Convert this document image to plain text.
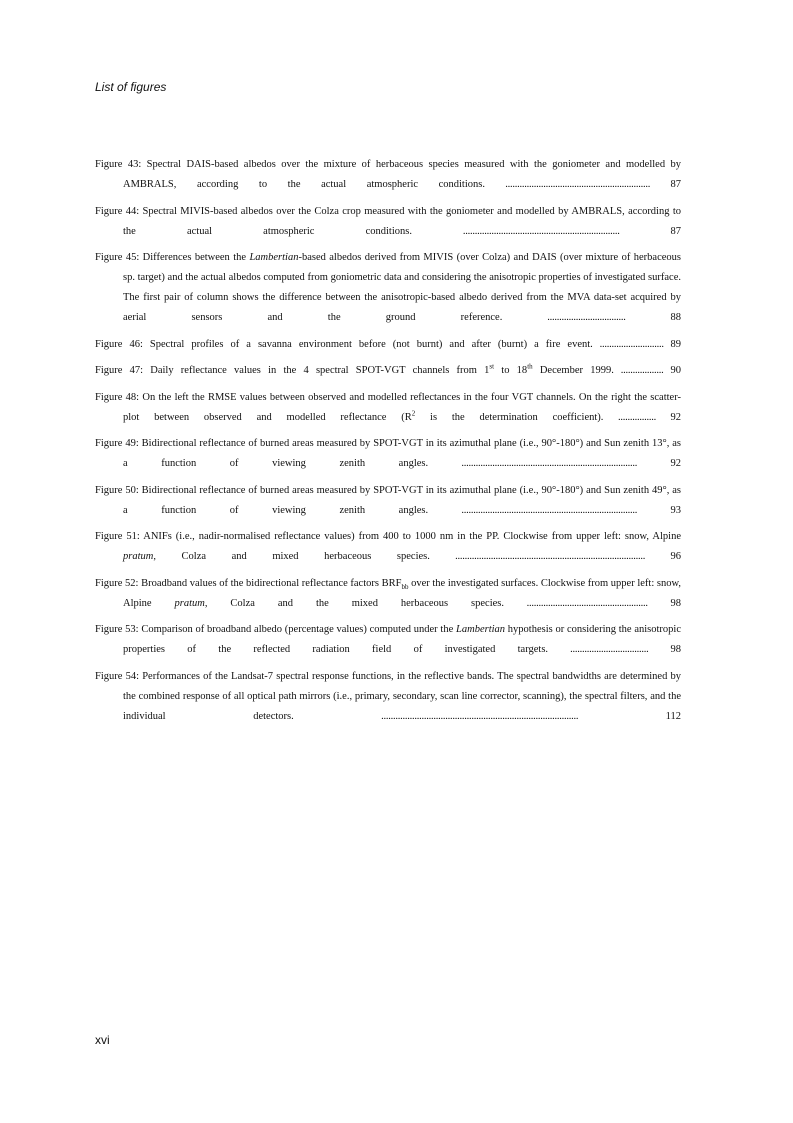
List of figures

Figure 43: Spectral DAIS-based albedos over the mixture of herbaceous species measured with the goniometer and modelled by AMBRALS, according to the actual atmospheric conditions. ............................................................. 87

Figure 44: Spectral MIVIS-based albedos over the Colza crop measured with the goniometer and modelled by AMBRALS, according to the actual atmospheric conditions. .................................................................. 87

Figure 45: Differences between the Lambertian-based albedos derived from MIVIS (over Colza) and DAIS (over mixture of herbaceous sp. target) and the actual albedos computed from goniometric data and considering the anisotropic properties of investigated surface. The first pair of column shows the difference between the anisotropic-based albedo derived from the MVA data-set acquired by aerial sensors and the ground reference. ................................. 88

Figure 46: Spectral profiles of a savanna environment before (not burnt) and after (burnt) a fire event. ........................... 89

Figure 47: Daily reflectance values in the 4 spectral SPOT-VGT channels from 1st to 18th December 1999. .................. 90

Figure 48: On the left the RMSE values between observed and modelled reflectances in the four VGT channels. On the right the scatter-plot between observed and modelled reflectance ($R^2$ is the determination coefficient). ................ 92

Figure 49: Bidirectional reflectance of burned areas measured by SPOT-VGT in its azimuthal plane (i.e., 90°-180°) and Sun zenith 13°, as a function of viewing zenith angles. .......................................................................... 92

Figure 50: Bidirectional reflectance of burned areas measured by SPOT-VGT in its azimuthal plane (i.e., 90°-180°) and Sun zenith 49°, as a function of viewing zenith angles. .......................................................................... 93

Figure 51: ANIFs (i.e., nadir-normalised reflectance values) from 400 to 1000 nm in the PP. Clockwise from upper left: snow, Alpine pratum, Colza and mixed herbaceous species. ................................................................................ 96

Figure 52: Broadband values of the bidirectional reflectance factors $BRF_{bb}$ over the investigated surfaces. Clockwise from upper left: snow, Alpine pratum, Colza and the mixed herbaceous species. ................................................... 98

Figure 53: Comparison of broadband albedo (percentage values) computed under the Lambertian hypothesis or considering the anisotropic properties of the reflected radiation field of investigated targets. ................................. 98

Figure 54: Performances of the Landsat-7 spectral response functions, in the reflective bands. The spectral bandwidths are determined by the combined response of all optical path mirrors (i.e., primary, secondary, scan line corrector, scanning), the spectral filters, and the individual detectors. ................................................................................... 112

xvi
